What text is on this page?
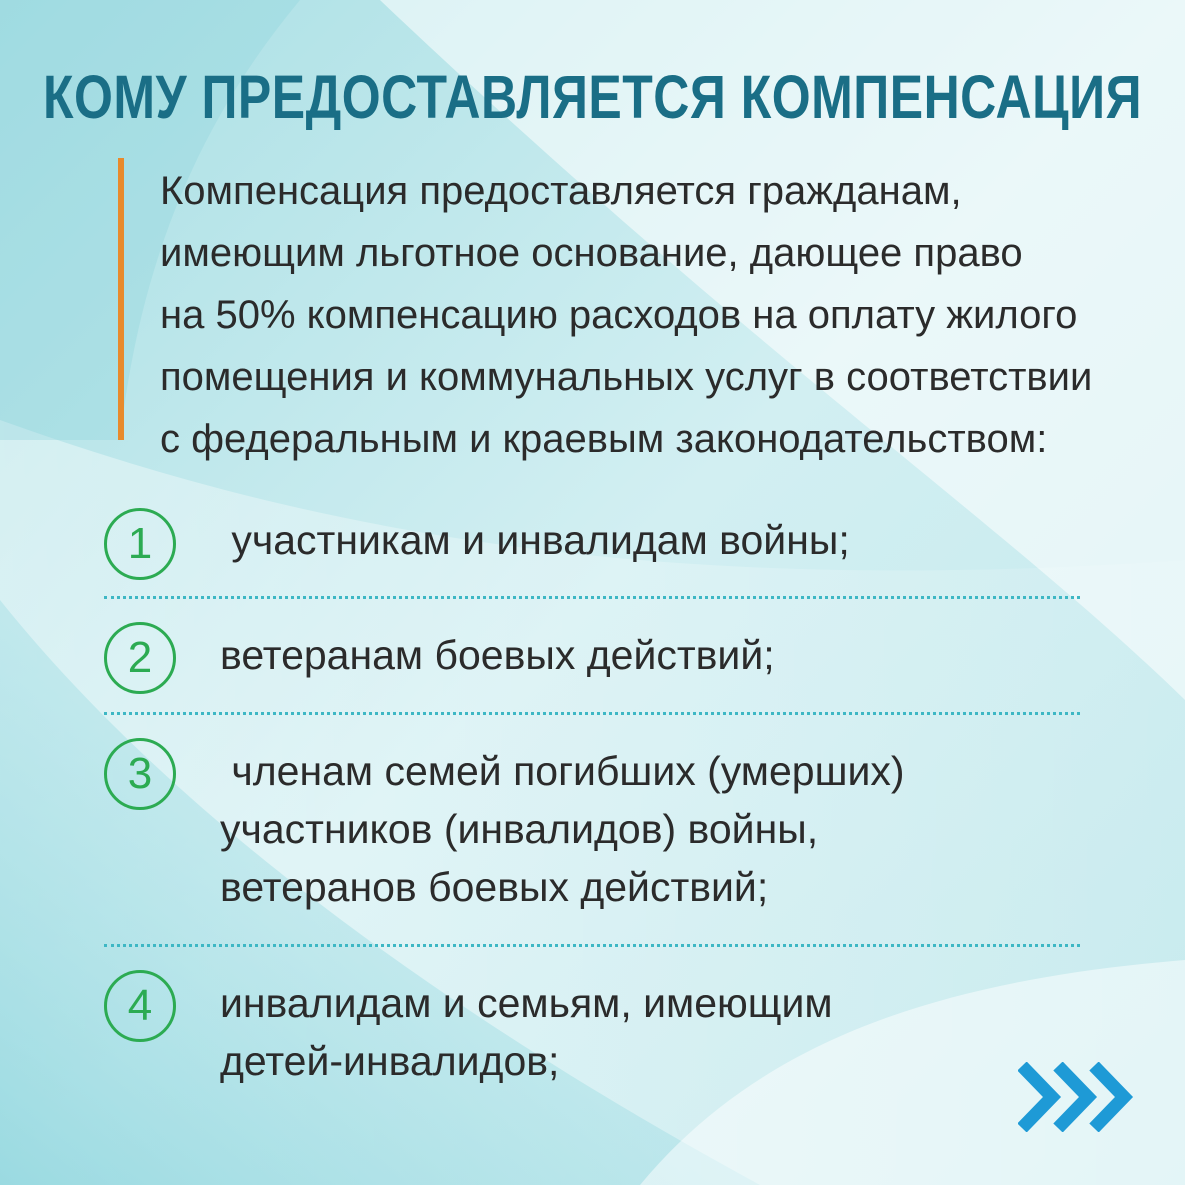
КОМУ ПРЕДОСТАВЛЯЕТСЯ КОМПЕНСАЦИЯ
Компенсация предоставляется гражданам,
имеющим льготное основание, дающее право
на 50% компенсацию расходов на оплату жилого
помещения и коммунальных услуг в соответствии
с федеральным и краевым законодательством:
1	участникам и инвалидам войны;
2	ветеранам боевых действий;
3	членам семей погибших (умерших)
участников (инвалидов) войны,
ветеранов боевых действий;
4	инвалидам и семьям, имеющим
детей-инвалидов;
